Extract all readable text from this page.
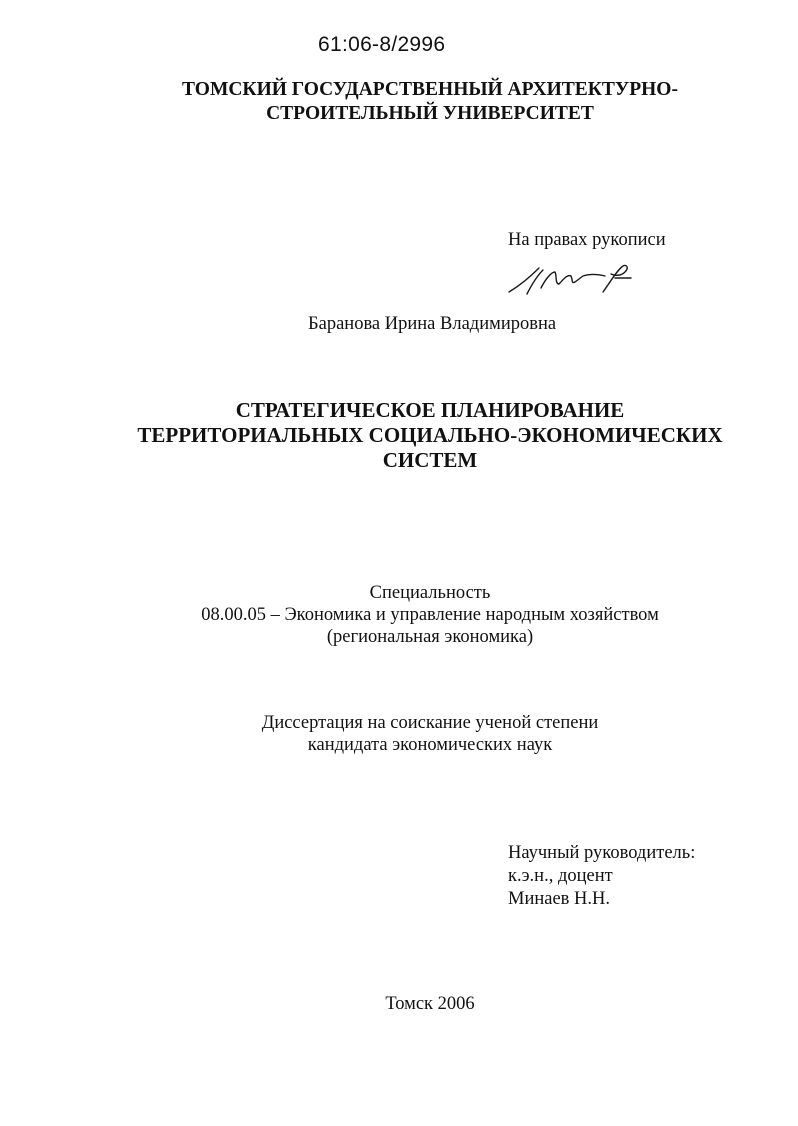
61:06-8/2996
ТОМСКИЙ ГОСУДАРСТВЕННЫЙ АРХИТЕКТУРНО-
СТРОИТЕЛЬНЫЙ УНИВЕРСИТЕТ
На правах рукописи
Баранова Ирина Владимировна
СТРАТЕГИЧЕСКОЕ ПЛАНИРОВАНИЕ
ТЕРРИТОРИАЛЬНЫХ СОЦИАЛЬНО-ЭКОНОМИЧЕСКИХ
СИСТЕМ
Специальность
08.00.05 – Экономика и управление народным хозяйством
(региональная экономика)
Диссертация на соискание ученой степени
кандидата экономических наук
Научный руководитель:
к.э.н., доцент
Минаев Н.Н.
Томск 2006
